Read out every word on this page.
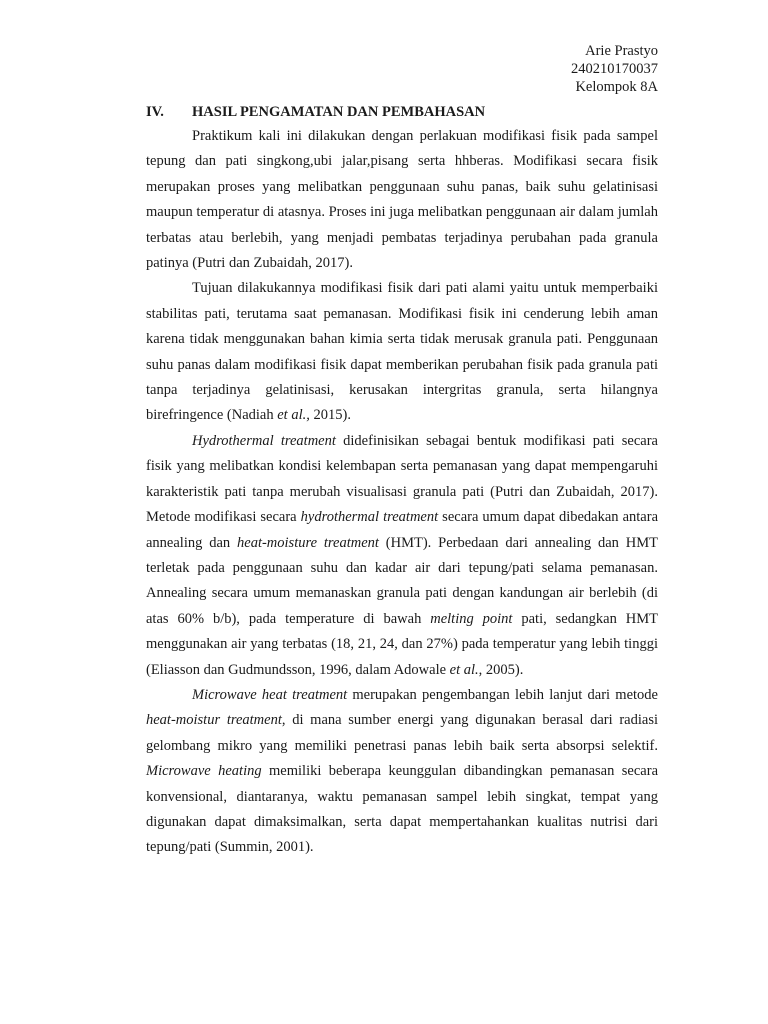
Arie Prastyo
240210170037
Kelompok 8A
IV. HASIL PENGAMATAN DAN PEMBAHASAN

Praktikum kali ini dilakukan dengan perlakuan modifikasi fisik pada sampel tepung dan pati singkong,ubi jalar,pisang serta hhberas. Modifikasi secara fisik merupakan proses yang melibatkan penggunaan suhu panas, baik suhu gelatinisasi maupun temperatur di atasnya. Proses ini juga melibatkan penggunaan air dalam jumlah terbatas atau berlebih, yang menjadi pembatas terjadinya perubahan pada granula patinya (Putri dan Zubaidah, 2017).

Tujuan dilakukannya modifikasi fisik dari pati alami yaitu untuk memperbaiki stabilitas pati, terutama saat pemanasan. Modifikasi fisik ini cenderung lebih aman karena tidak menggunakan bahan kimia serta tidak merusak granula pati. Penggunaan suhu panas dalam modifikasi fisik dapat memberikan perubahan fisik pada granula pati tanpa terjadinya gelatinisasi, kerusakan intergritas granula, serta hilangnya birefringence (Nadiah et al., 2015).

Hydrothermal treatment didefinisikan sebagai bentuk modifikasi pati secara fisik yang melibatkan kondisi kelembapan serta pemanasan yang dapat mempengaruhi karakteristik pati tanpa merubah visualisasi granula pati (Putri dan Zubaidah, 2017). Metode modifikasi secara hydrothermal treatment secara umum dapat dibedakan antara annealing dan heat-moisture treatment (HMT). Perbedaan dari annealing dan HMT terletak pada penggunaan suhu dan kadar air dari tepung/pati selama pemanasan. Annealing secara umum memanaskan granula pati dengan kandungan air berlebih (di atas 60% b/b), pada temperature di bawah melting point pati, sedangkan HMT menggunakan air yang terbatas (18, 21, 24, dan 27%) pada temperatur yang lebih tinggi (Eliasson dan Gudmundsson, 1996, dalam Adowale et al., 2005).

Microwave heat treatment merupakan pengembangan lebih lanjut dari metode heat-moistur treatment, di mana sumber energi yang digunakan berasal dari radiasi gelombang mikro yang memiliki penetrasi panas lebih baik serta absorpsi selektif. Microwave heating memiliki beberapa keunggulan dibandingkan pemanasan secara konvensional, diantaranya, waktu pemanasan sampel lebih singkat, tempat yang digunakan dapat dimaksimalkan, serta dapat mempertahankan kualitas nutrisi dari tepung/pati (Summin, 2001).
